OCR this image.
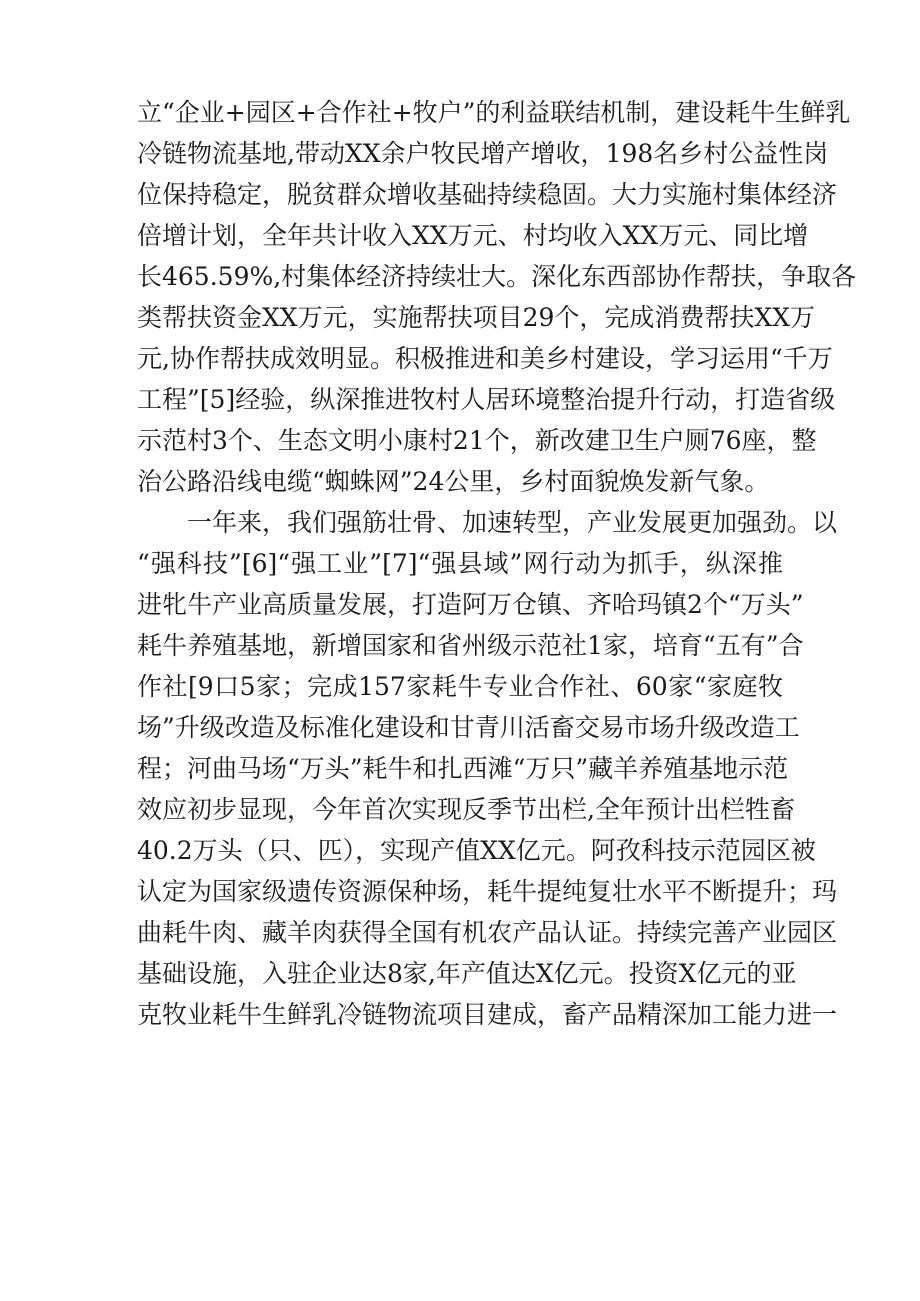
立“企业+园区+合作社+牧户”的利益联结机制，建设耗牛生鲜乳
冷链物流基地,带动XX余户牧民增产增收，198名乡村公益性岗
位保持稳定，脱贫群众增收基础持续稳固。大力实施村集体经济
倍增计划，全年共计收入XX万元、村均收入XX万元、同比增
长465.59%,村集体经济持续壮大。深化东西部协作帮扶，争取各
类帮扶资金XX万元，实施帮扶项目29个，完成消费帮扶XX万
元,协作帮扶成效明显。积极推进和美乡村建设，学习运用“千万
工程”[5]经验，纵深推进牧村人居环境整治提升行动，打造省级
示范村3个、生态文明小康村21个，新改建卫生户厕76座，整
治公路沿线电缆“蜘蛛网”24公里，乡村面貌焕发新气象。
一年来，我们强筋壮骨、加速转型，产业发展更加强劲。以
“强科技”[6]“强工业”[7]“强县域”网行动为抓手，纵深推
进牝牛产业高质量发展，打造阿万仓镇、齐哈玛镇2个“万头”
耗牛养殖基地，新增国家和省州级示范社1家，培育“五有”合
作社[9口5家；完成157家耗牛专业合作社、60家“家庭牧
场”升级改造及标准化建设和甘青川活畜交易市场升级改造工
程；河曲马场“万头”耗牛和扎西滩“万只”藏羊养殖基地示范
效应初步显现，今年首次实现反季节出栏,全年预计出栏牲畜
40.2万头（只、匹），实现产值XX亿元。阿孜科技示范园区被
认定为国家级遗传资源保种场，耗牛提纯复壮水平不断提升；玛
曲耗牛肉、藏羊肉获得全国有机农产品认证。持续完善产业园区
基础设施，入驻企业达8家,年产值达X亿元。投资X亿元的亚
克牧业耗牛生鲜乳冷链物流项目建成，畜产品精深加工能力进一
